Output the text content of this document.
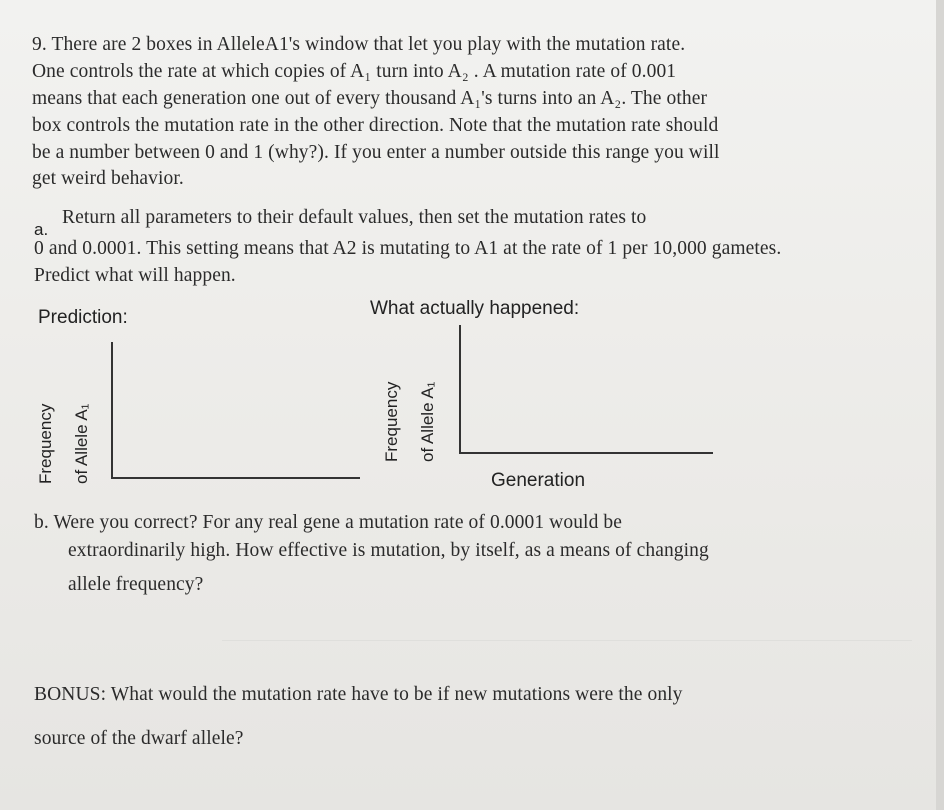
9. There are 2 boxes in AlleleA1's window that let you play with the mutation rate.
One controls the rate at which copies of A₁ turn into A₂ . A mutation rate of 0.001
means that each generation one out of every thousand A₁'s turns into an A₂. The other
box controls the mutation rate in the other direction. Note that the mutation rate should
be a number between 0 and 1 (why?). If you enter a number outside this range you will
get weird behavior.
a.
Return all parameters to their default values, then set the mutation rates to
0 and 0.0001. This setting means that A2 is mutating to A1 at the rate of 1 per 10,000 gametes.
Predict what will happen.
Prediction:	What actually happened:
Frequency of Allele A₁	Frequency of Allele A₁
Generation
b. Were you correct? For any real gene a mutation rate of 0.0001 would be
extraordinarily high. How effective is mutation, by itself, as a means of changing
allele frequency?
BONUS: What would the mutation rate have to be if new mutations were the only
source of the dwarf allele?
